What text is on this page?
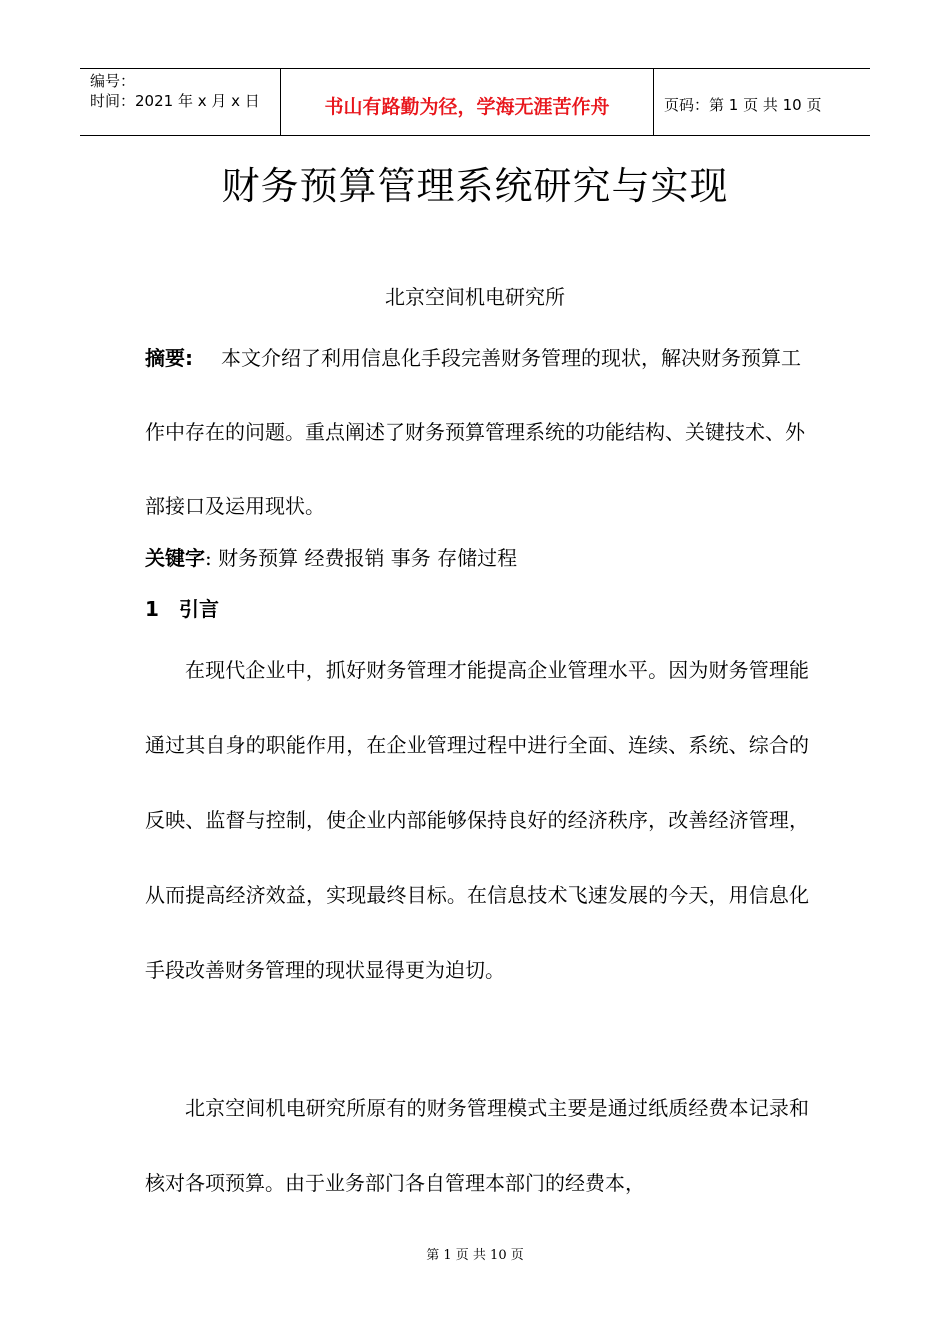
编号：
时间：2021 年 x 月 x 日	书山有路勤为径，学海无涯苦作舟	页码：第 1 页 共 10 页
财务预算管理系统研究与实现
北京空间机电研究所
摘要: 本文介绍了利用信息化手段完善财务管理的现状，解决财务预算工作中存在的问题。重点阐述了财务预算管理系统的功能结构、关键技术、外部接口及运用现状。
关键字: 财务预算 经费报销 事务 存储过程
1 引言

在现代企业中，抓好财务管理才能提高企业管理水平。因为财务管理能通过其自身的职能作用，在企业管理过程中进行全面、连续、系统、综合的反映、监督与控制，使企业内部能够保持良好的经济秩序，改善经济管理，从而提高经济效益，实现最终目标。在信息技术飞速发展的今天，用信息化手段改善财务管理的现状显得更为迫切。

北京空间机电研究所原有的财务管理模式主要是通过纸质经费本记录和核对各项预算。由于业务部门各自管理本部门的经费本，

第 1 页 共 10 页
